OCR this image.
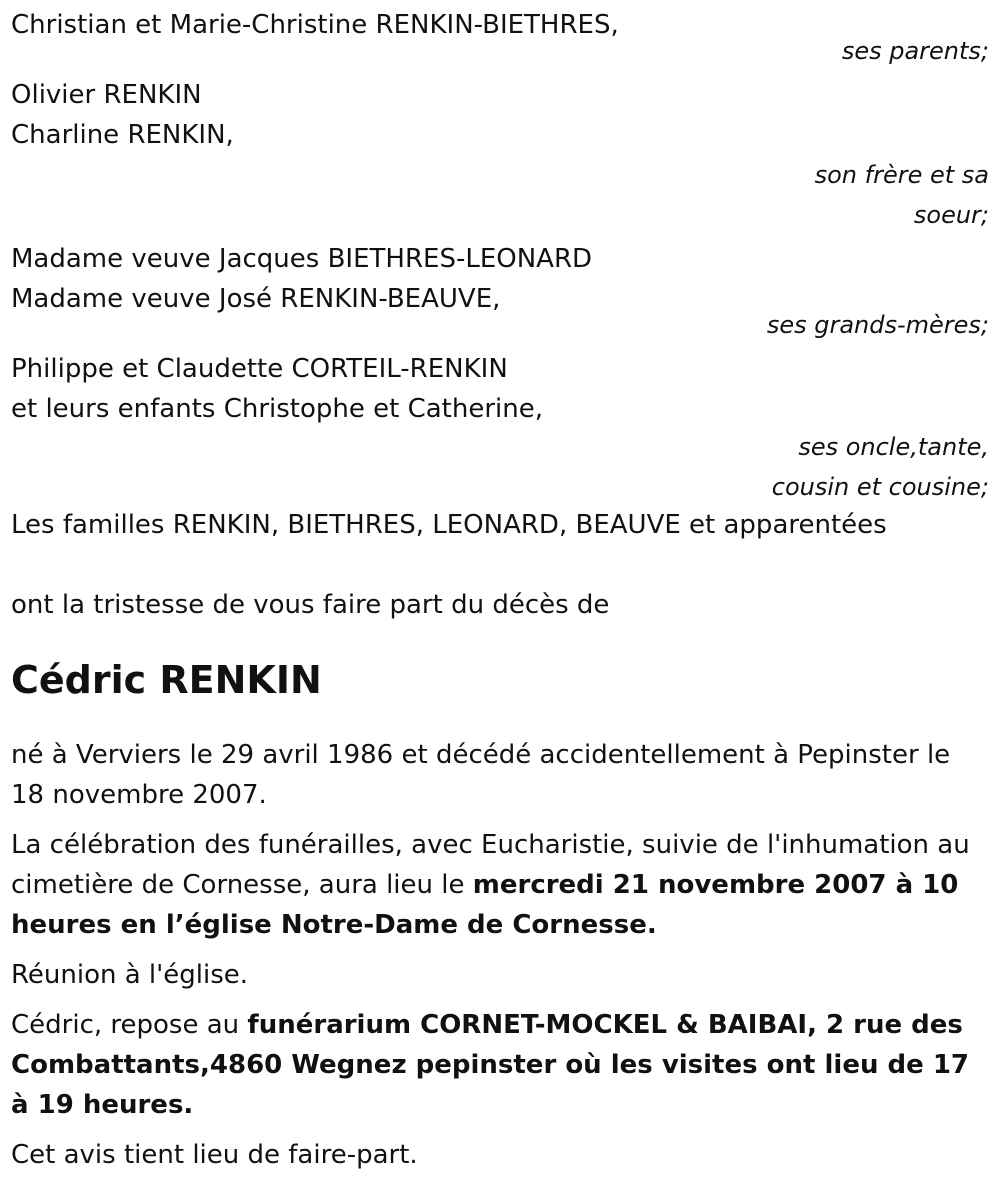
Christian et Marie-Christine RENKIN-BIETHRES,
ses parents;
Olivier RENKIN
Charline RENKIN,
son frère et sa
soeur;
Madame veuve Jacques BIETHRES-LEONARD
Madame veuve José RENKIN-BEAUVE,
ses grands-mères;
Philippe et Claudette CORTEIL-RENKIN
et leurs enfants Christophe et Catherine,
ses oncle,tante,
cousin et cousine;
Les familles RENKIN, BIETHRES, LEONARD, BEAUVE et apparentées
ont la tristesse de vous faire part du décès de
Cédric RENKIN

né à Verviers le 29 avril 1986 et décédé accidentellement à Pepinster le 18 novembre 2007.

La célébration des funérailles, avec Eucharistie, suivie de l'inhumation au cimetière de Cornesse, aura lieu le mercredi 21 novembre 2007 à 10 heures en l’église Notre-Dame de Cornesse.

Réunion à l'église.

Cédric, repose au funérarium CORNET-MOCKEL & BAIBAI, 2 rue des Combattants,4860 Wegnez pepinster où les visites ont lieu de 17 à 19 heures.

Cet avis tient lieu de faire-part.
